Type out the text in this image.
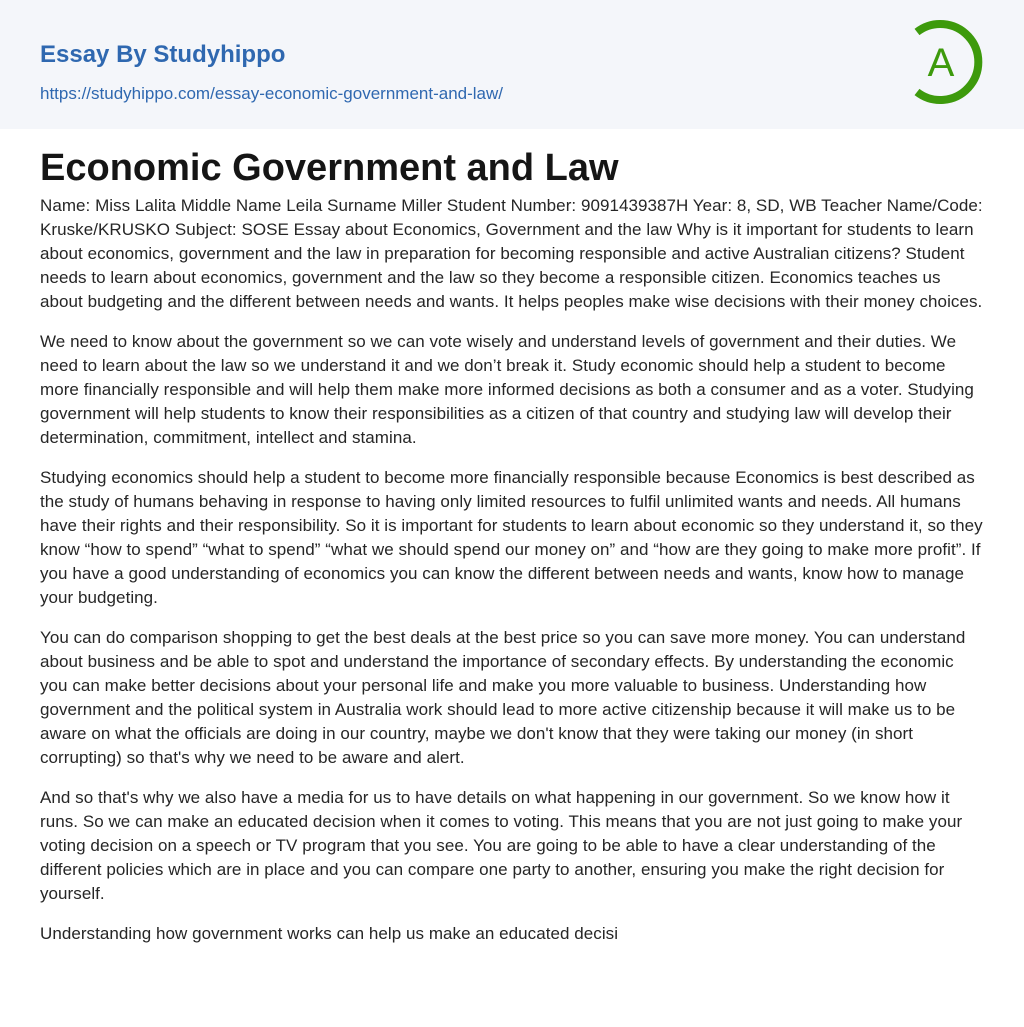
Essay By Studyhippo
https://studyhippo.com/essay-economic-government-and-law/
A
Economic Government and Law

Name: Miss Lalita Middle Name Leila Surname Miller Student Number: 9091439387H Year: 8, SD, WB Teacher Name/Code: Kruske/KRUSKO Subject: SOSE Essay about Economics, Government and the law Why is it important for students to learn about economics, government and the law in preparation for becoming responsible and active Australian citizens? Student needs to learn about economics, government and the law so they become a responsible citizen. Economics teaches us about budgeting and the different between needs and wants. It helps peoples make wise decisions with their money choices.

We need to know about the government so we can vote wisely and understand levels of government and their duties. We need to learn about the law so we understand it and we don’t break it. Study economic should help a student to become more financially responsible and will help them make more informed decisions as both a consumer and as a voter. Studying government will help students to know their responsibilities as a citizen of that country and studying law will develop their determination, commitment, intellect and stamina.

Studying economics should help a student to become more financially responsible because Economics is best described as the study of humans behaving in response to having only limited resources to fulfil unlimited wants and needs. All humans have their rights and their responsibility. So it is important for students to learn about economic so they understand it, so they know “how to spend” “what to spend” “what we should spend our money on” and “how are they going to make more profit”. If you have a good understanding of economics you can know the different between needs and wants, know how to manage your budgeting.

You can do comparison shopping to get the best deals at the best price so you can save more money. You can understand about business and be able to spot and understand the importance of secondary effects. By understanding the economic you can make better decisions about your personal life and make you more valuable to business. Understanding how government and the political system in Australia work should lead to more active citizenship because it will make us to be aware on what the officials are doing in our country, maybe we don't know that they were taking our money (in short corrupting) so that's why we need to be aware and alert.

And so that's why we also have a media for us to have details on what happening in our government. So we know how it runs. So we can make an educated decision when it comes to voting. This means that you are not just going to make your voting decision on a speech or TV program that you see. You are going to be able to have a clear understanding of the different policies which are in place and you can compare one party to another, ensuring you make the right decision for yourself.

Understanding how government works can help us make an educated decisi
